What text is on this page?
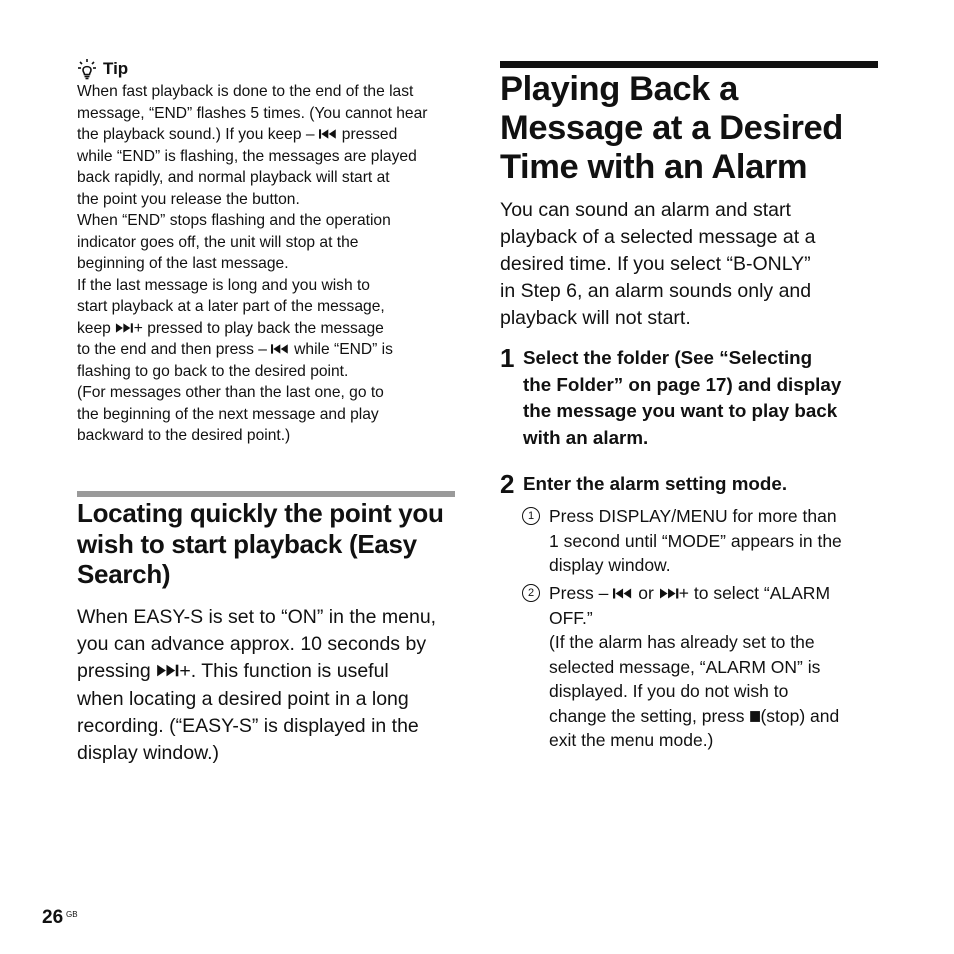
Tip

When fast playback is done to the end of the last

message, “END” flashes 5 times. (You cannot hear

the playback sound.) If you keep –  pressed

while “END” is flashing, the messages are played

back rapidly, and normal playback will start at

the point you release the button.

When “END” stops flashing and the operation

indicator goes off, the unit will stop at the

beginning of the last message.

If the last message is long and you wish to

start playback at a later part of the message,

keep + pressed to play back the message

to the end and then press –  while “END” is

flashing to go back to the desired point.

(For messages other than the last one, go to

the beginning of the next message and play

backward to the desired point.)

Locating quickly the point you
wish to start playback (Easy
Search)
When EASY-S is set to “ON” in the menu,
you can advance approx. 10 seconds by
pressing +. This function is useful
when locating a desired point in a long
recording. (“EASY-S” is displayed in the
display window.)
Playing Back a
Message at a Desired
Time with an Alarm
You can sound an alarm and start
playback of a selected message at a
desired time. If you select “B-ONLY”
in Step 6, an alarm sounds only and
playback will not start.
1 Select the folder (See “Selecting
the Folder” on page 17) and display
the message you want to play back
with an alarm.
2 Enter the alarm setting mode.
1 Press DISPLAY/MENU for more than
1 second until “MODE” appears in the
display window.
2 Press –  or + to select “ALARM
OFF.”
(If the alarm has already set to the
selected message, “ALARM ON” is
displayed. If you do not wish to
change the setting, press (stop) and
exit the menu mode.)
26 GB
